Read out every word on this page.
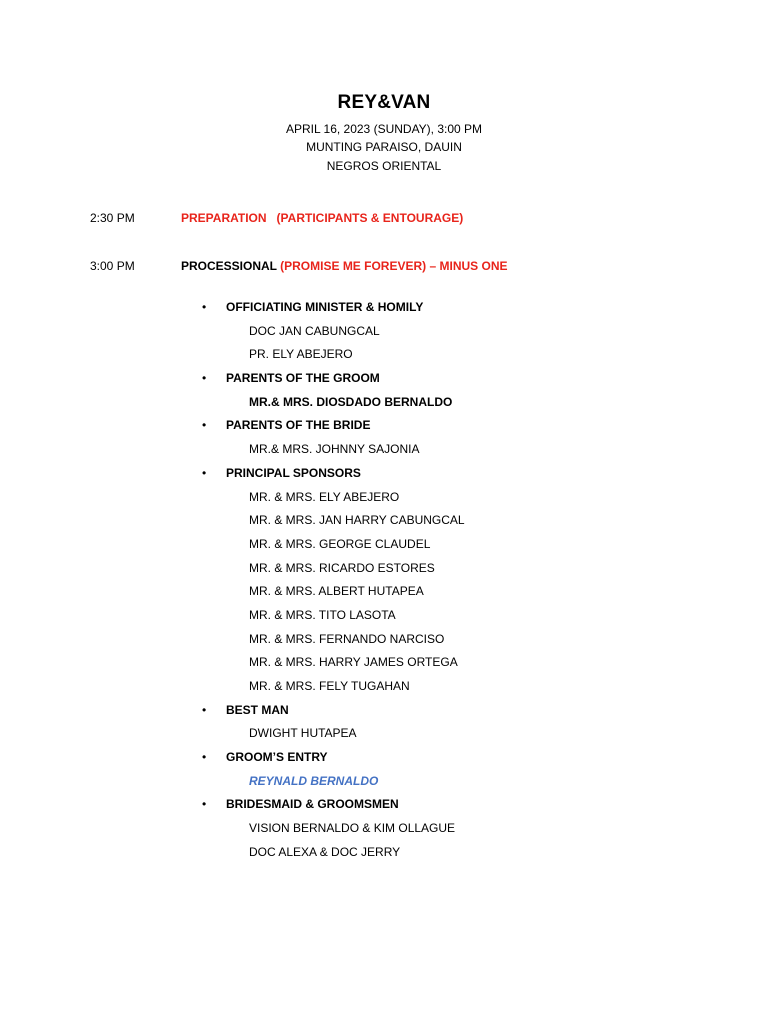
REY&VAN
APRIL 16, 2023 (SUNDAY), 3:00 PM
MUNTING PARAISO, DAUIN
NEGROS ORIENTAL
2:30 PM	PREPARATION   (PARTICIPANTS & ENTOURAGE)
3:00 PM	PROCESSIONAL (PROMISE ME FOREVER) – MINUS ONE
• OFFICIATING MINISTER & HOMILY
DOC JAN CABUNGCAL
PR. ELY ABEJERO
• PARENTS OF THE GROOM
MR.& MRS. DIOSDADO BERNALDO
• PARENTS OF THE BRIDE
MR.& MRS. JOHNNY SAJONIA
• PRINCIPAL SPONSORS
MR. & MRS. ELY ABEJERO
MR. & MRS. JAN HARRY CABUNGCAL
MR. & MRS. GEORGE CLAUDEL
MR. & MRS. RICARDO ESTORES
MR. & MRS. ALBERT HUTAPEA
MR. & MRS. TITO LASOTA
MR. & MRS. FERNANDO NARCISO
MR. & MRS. HARRY JAMES ORTEGA
MR. & MRS. FELY TUGAHAN
• BEST MAN
DWIGHT HUTAPEA
• GROOM’S ENTRY
REYNALD BERNALDO
• BRIDESMAID & GROOMSMEN
VISION BERNALDO & KIM OLLAGUE
DOC ALEXA & DOC JERRY
